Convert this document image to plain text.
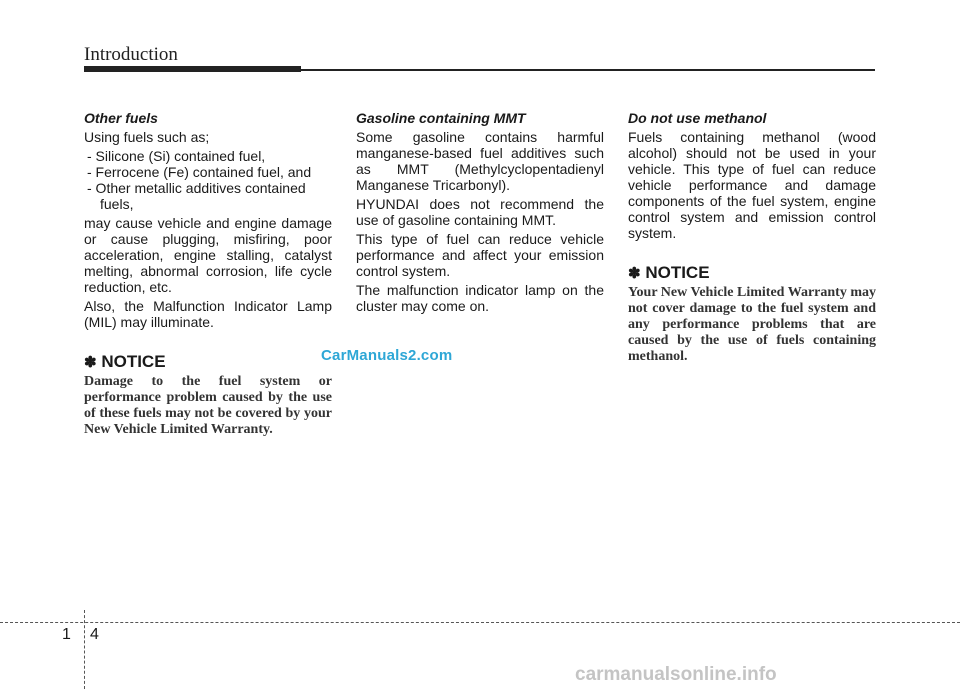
Introduction
Other fuels

Using fuels such as;

- Silicone (Si) contained fuel,
- Ferrocene (Fe) contained fuel, and
- Other metallic additives contained fuels,

may cause vehicle and engine damage or cause plugging, misfiring, poor acceleration, engine stalling, catalyst melting, abnormal corrosion, life cycle reduction, etc.

Also, the Malfunction Indicator Lamp (MIL) may illuminate.

✽ NOTICE

Damage to the fuel system or performance problem caused by the use of these fuels may not be covered by your New Vehicle Limited Warranty.

Gasoline containing MMT

Some gasoline contains harmful manganese-based fuel additives such as MMT (Methylcyclopentadienyl Manganese Tricarbonyl).

HYUNDAI does not recommend the use of gasoline containing MMT.

This type of fuel can reduce vehicle performance and affect your emission control system.

The malfunction indicator lamp on the cluster may come on.

Do not use methanol

Fuels containing methanol (wood alcohol) should not be used in your vehicle. This type of fuel can reduce vehicle performance and damage components of the fuel system, engine control system and emission control system.

✽ NOTICE

Your New Vehicle Limited Warranty may not cover damage to the fuel system and any performance problems that are caused by the use of fuels containing methanol.

CarManuals2.com
1 4
carmanualsonline.info
